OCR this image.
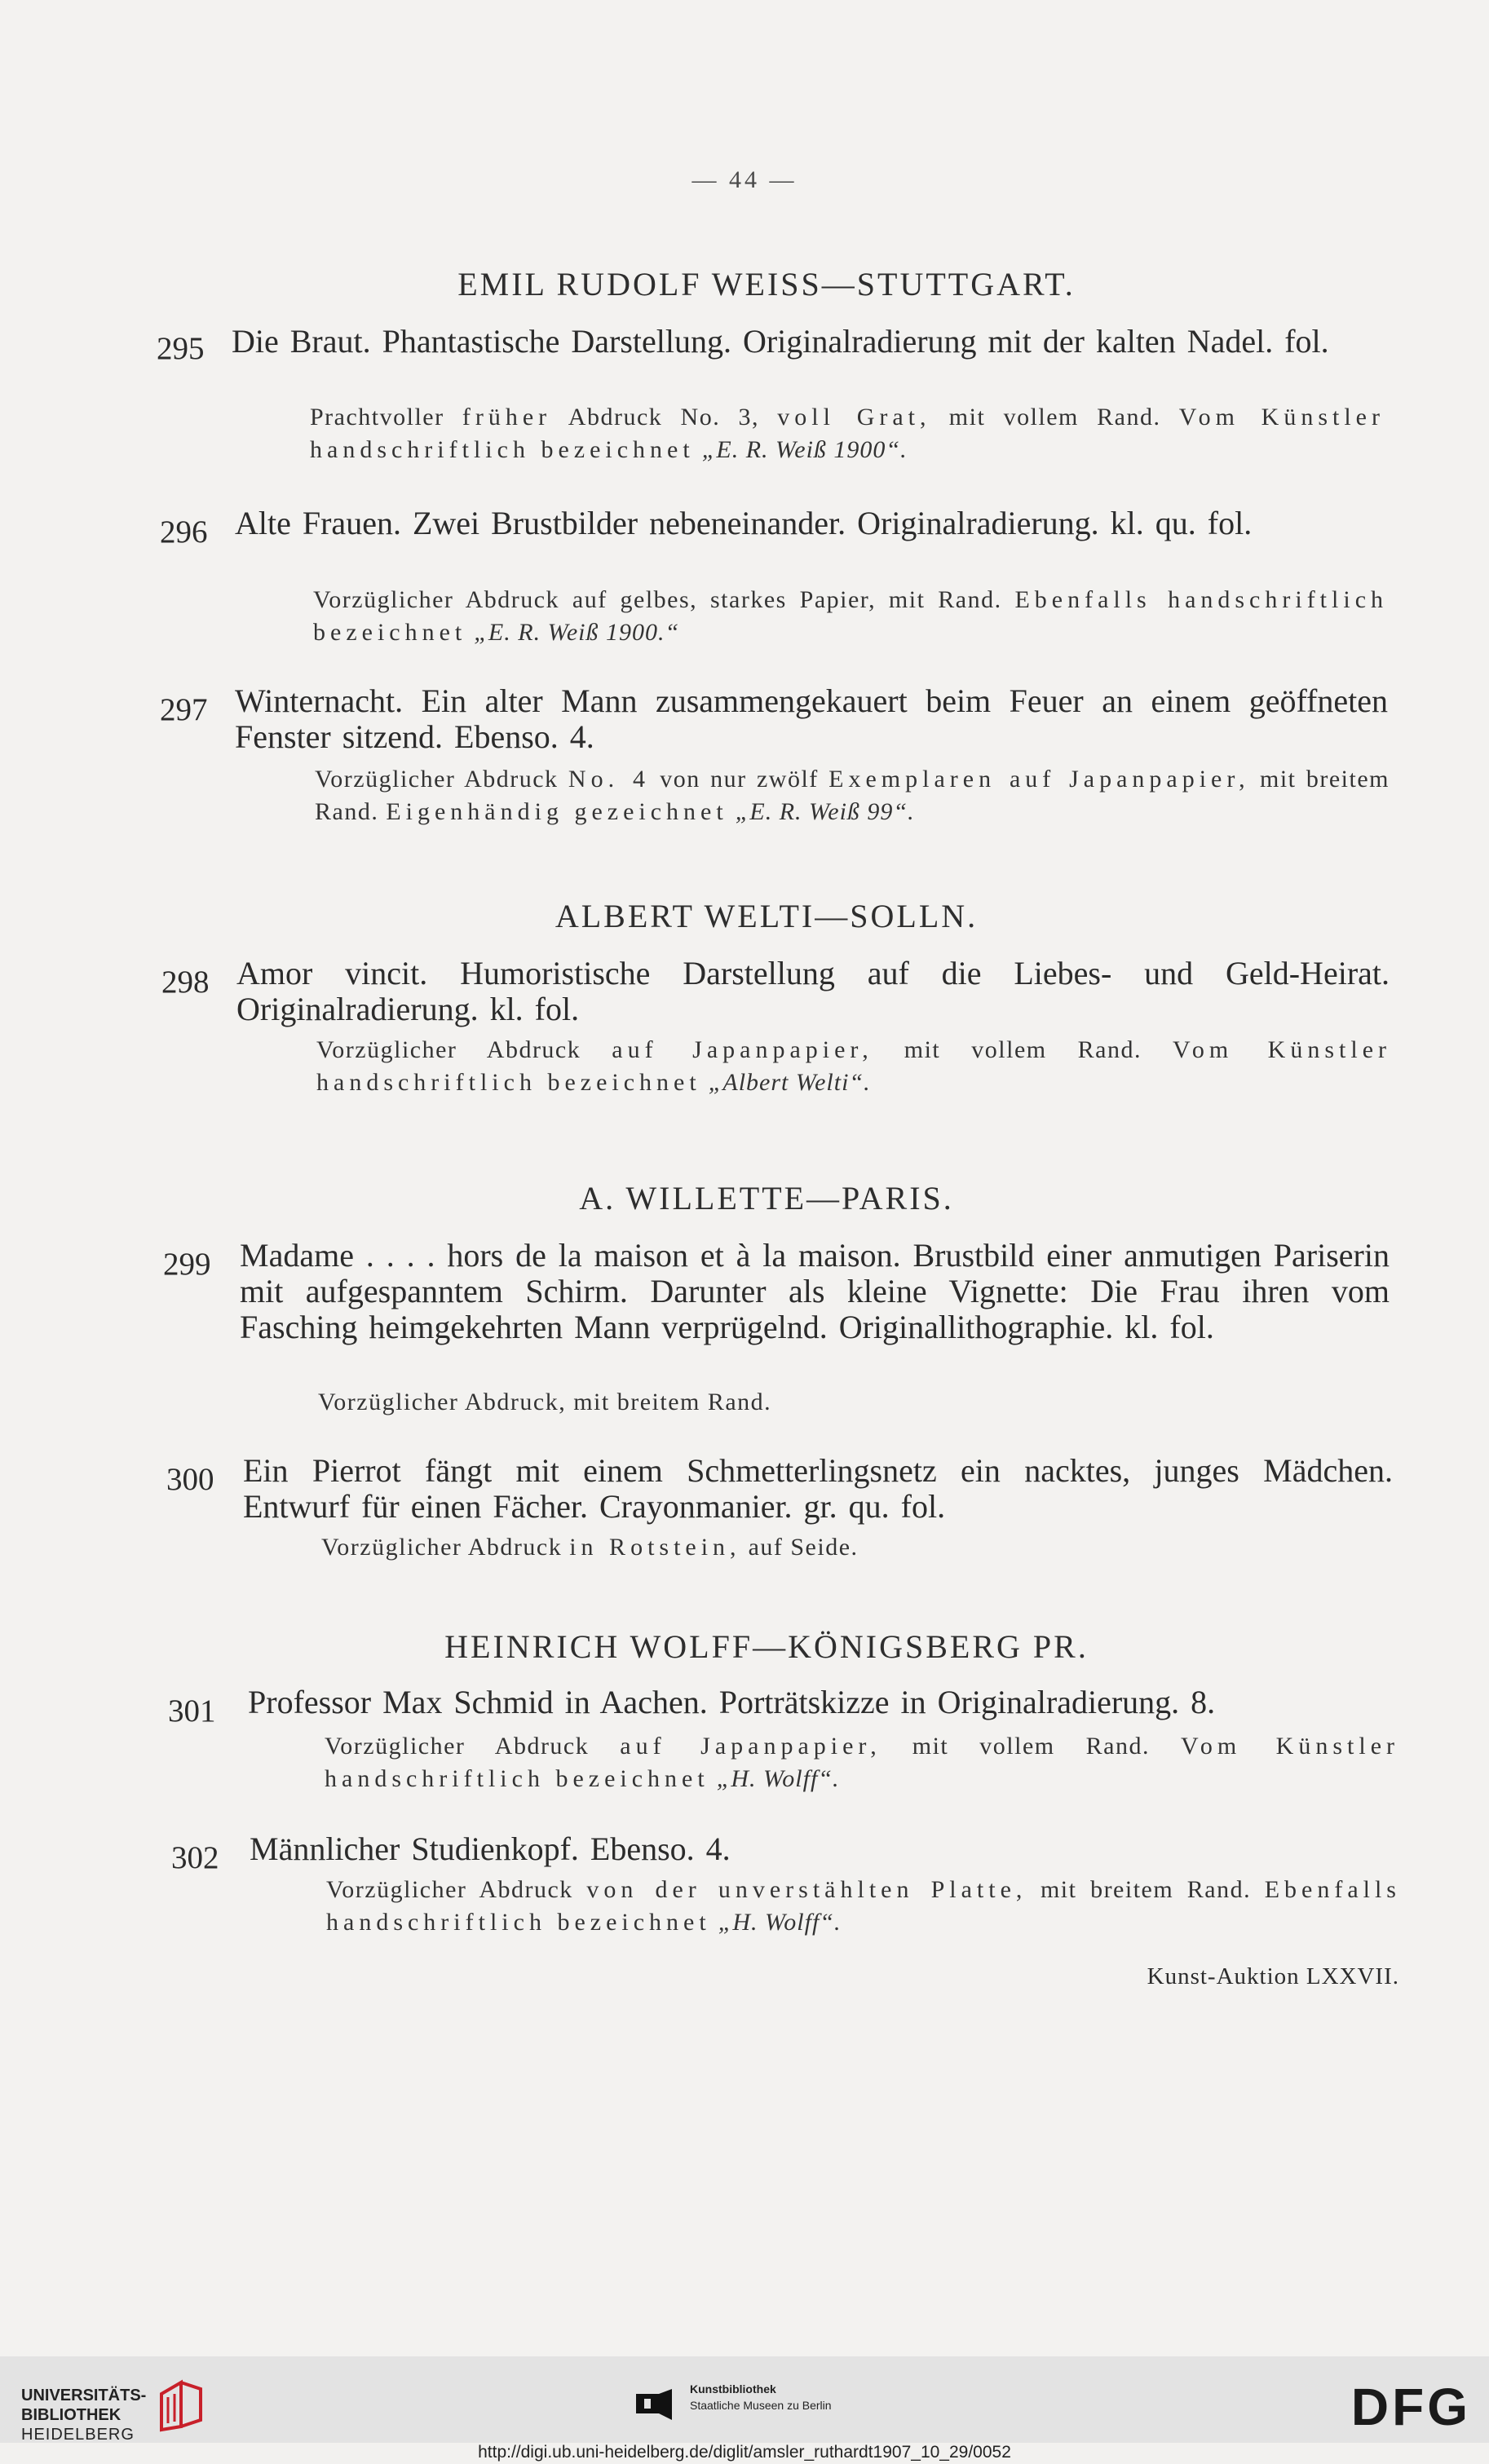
— 44 —
EMIL RUDOLF WEISS—STUTTGART.
295 Die Braut. Phantastische Darstellung. Originalradierung mit der kalten Nadel. fol.
Prachtvoller früher Abdruck No. 3, voll Grat, mit vollem Rand. Vom Künstler handschriftlich bezeichnet „E. R. Weiß 1900“.
296 Alte Frauen. Zwei Brustbilder nebeneinander. Originalradierung. kl. qu. fol.
Vorzüglicher Abdruck auf gelbes, starkes Papier, mit Rand. Ebenfalls handschriftlich bezeichnet „E. R. Weiß 1900.“
297 Winternacht. Ein alter Mann zusammengekauert beim Feuer an einem geöffneten Fenster sitzend. Ebenso. 4.
Vorzüglicher Abdruck No. 4 von nur zwölf Exemplaren auf Japanpapier, mit breitem Rand. Eigenhändig gezeichnet „E. R. Weiß 99“.
ALBERT WELTI—SOLLN.
298 Amor vincit. Humoristische Darstellung auf die Liebes- und Geld-Heirat. Originalradierung. kl. fol.
Vorzüglicher Abdruck auf Japanpapier, mit vollem Rand. Vom Künstler handschriftlich bezeichnet „Albert Welti“.
A. WILLETTE—PARIS.
299 Madame . . . . hors de la maison et à la maison. Brustbild einer anmutigen Pariserin mit aufgespanntem Schirm. Darunter als kleine Vignette: Die Frau ihren vom Fasching heimgekehrten Mann verprügelnd. Originallithographie. kl. fol.
Vorzüglicher Abdruck, mit breitem Rand.
300 Ein Pierrot fängt mit einem Schmetterlingsnetz ein nacktes, junges Mädchen. Entwurf für einen Fächer. Crayonmanier. gr. qu. fol.
Vorzüglicher Abdruck in Rotstein, auf Seide.
HEINRICH WOLFF—KÖNIGSBERG PR.
301 Professor Max Schmid in Aachen. Porträtskizze in Originalradierung. 8.
Vorzüglicher Abdruck auf Japanpapier, mit vollem Rand. Vom Künstler handschriftlich bezeichnet „H. Wolff“.
302 Männlicher Studienkopf. Ebenso. 4.
Vorzüglicher Abdruck von der unverstählten Platte, mit breitem Rand. Ebenfalls handschriftlich bezeichnet „H. Wolff“.
Kunst-Auktion LXXVII.
UNIVERSITÄTS-
BIBLIOTHEK
HEIDELBERG
Kunstbibliothek
Staatliche Museen zu Berlin	DFG
http://digi.ub.uni-heidelberg.de/diglit/amsler_ruthardt1907_10_29/0052
